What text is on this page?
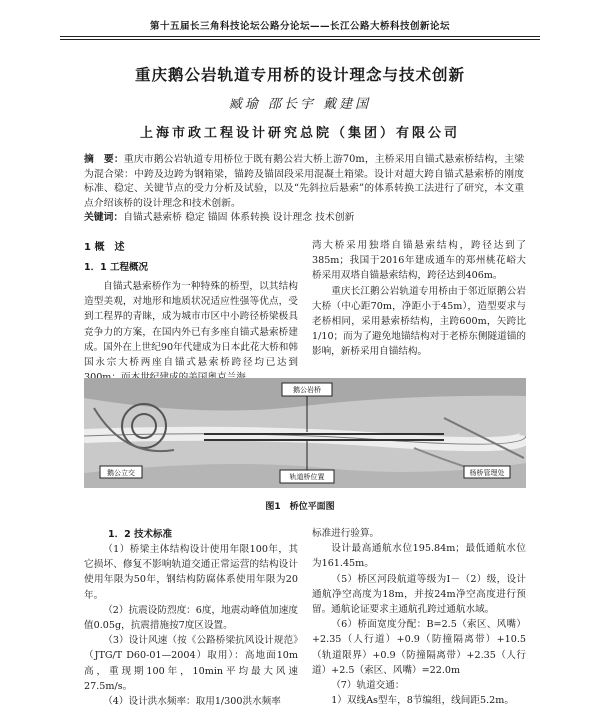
第十五届长三角科技论坛公路分论坛——长江公路大桥科技创新论坛
重庆鹅公岩轨道专用桥的设计理念与技术创新
臧瑜 邵长宇 戴建国
上海市政工程设计研究总院（集团）有限公司
摘　要：重庆市鹅公岩轨道专用桥位于既有鹅公岩大桥上游70m，主桥采用自锚式悬索桥结构，主梁为混合梁：中跨及边跨为钢箱梁，锚跨及锚固段采用混凝土箱梁。设计对超大跨自锚式悬索桥的刚度标准、稳定、关键节点的受力分析及试验，以及“先斜拉后悬索”的体系转换工法进行了研究，本文重点介绍该桥的设计理念和技术创新。
关键词：自锚式悬索桥 稳定 锚固 体系转换 设计理念 技术创新
1 概　述
1．1 工程概况

自锚式悬索桥作为一种特殊的桥型，以其结构造型美观，对地形和地质状况适应性强等优点，受到工程界的青睐，成为城市市区中小跨径桥梁极具竞争力的方案，在国内外已有多座自锚式悬索桥建成。国外在上世纪90年代建成为日本此花大桥和韩国永宗大桥两座自锚式悬索桥跨径均已达到

湾大桥采用独塔自锚悬索结构，跨径达到了385m；我国于2016年建成通车的郑州桃花峪大桥采用双塔自锚悬索结构，跨径达到406m。

重庆长江鹅公岩轨道专用桥由于邻近原鹅公岩大桥（中心距70m，净距小于45m），造型要求与老桥相同，采用悬索桥结构，主跨600m，矢跨比1/10；而为了避免地锚结构对于老桥东侧隧道锚的影响，新桥采用自锚结构。

鹅公岩桥
轨道桥位置
鹅公立交	杨桥管理处
图1　桥位平面图
1．2 技术标准

（1）桥梁主体结构设计使用年限100年，其它损坏、修复不影响轨道交通正常运营的结构设计使用年限为50年，钢结构防腐体系使用年限为20年。

（2）抗震设防烈度：6度，地震动峰值加速度值0.05g，抗震措施按7度区设置。

（3）设计风速（按《公路桥梁抗风设计规范》（JTG/T D60-01—2004）取用）：高地面10m高，重现期100年，10min平均最大风速27.5m/s。

（4）设计洪水频率：取用1/300洪水频率

标准进行验算。

设计最高通航水位195.84m；最低通航水位为161.45m。

（5）桥区河段航道等级为Ⅰ－（2）级，设计通航净空高度为18m，并按24m净空高度进行预留。通航论证要求主通航孔跨过通航水域。

（6）桥面宽度分配：B=2.5（索区、风嘴）+2.35（人行道）+0.9（防撞隔离带）+10.5（轨道限界）+0.9（防撞隔离带）+2.35（人行道）+2.5（索区、风嘴）=22.0m

（7）轨道交通：

1）双线As型车，8节编组，线间距5.2m。
